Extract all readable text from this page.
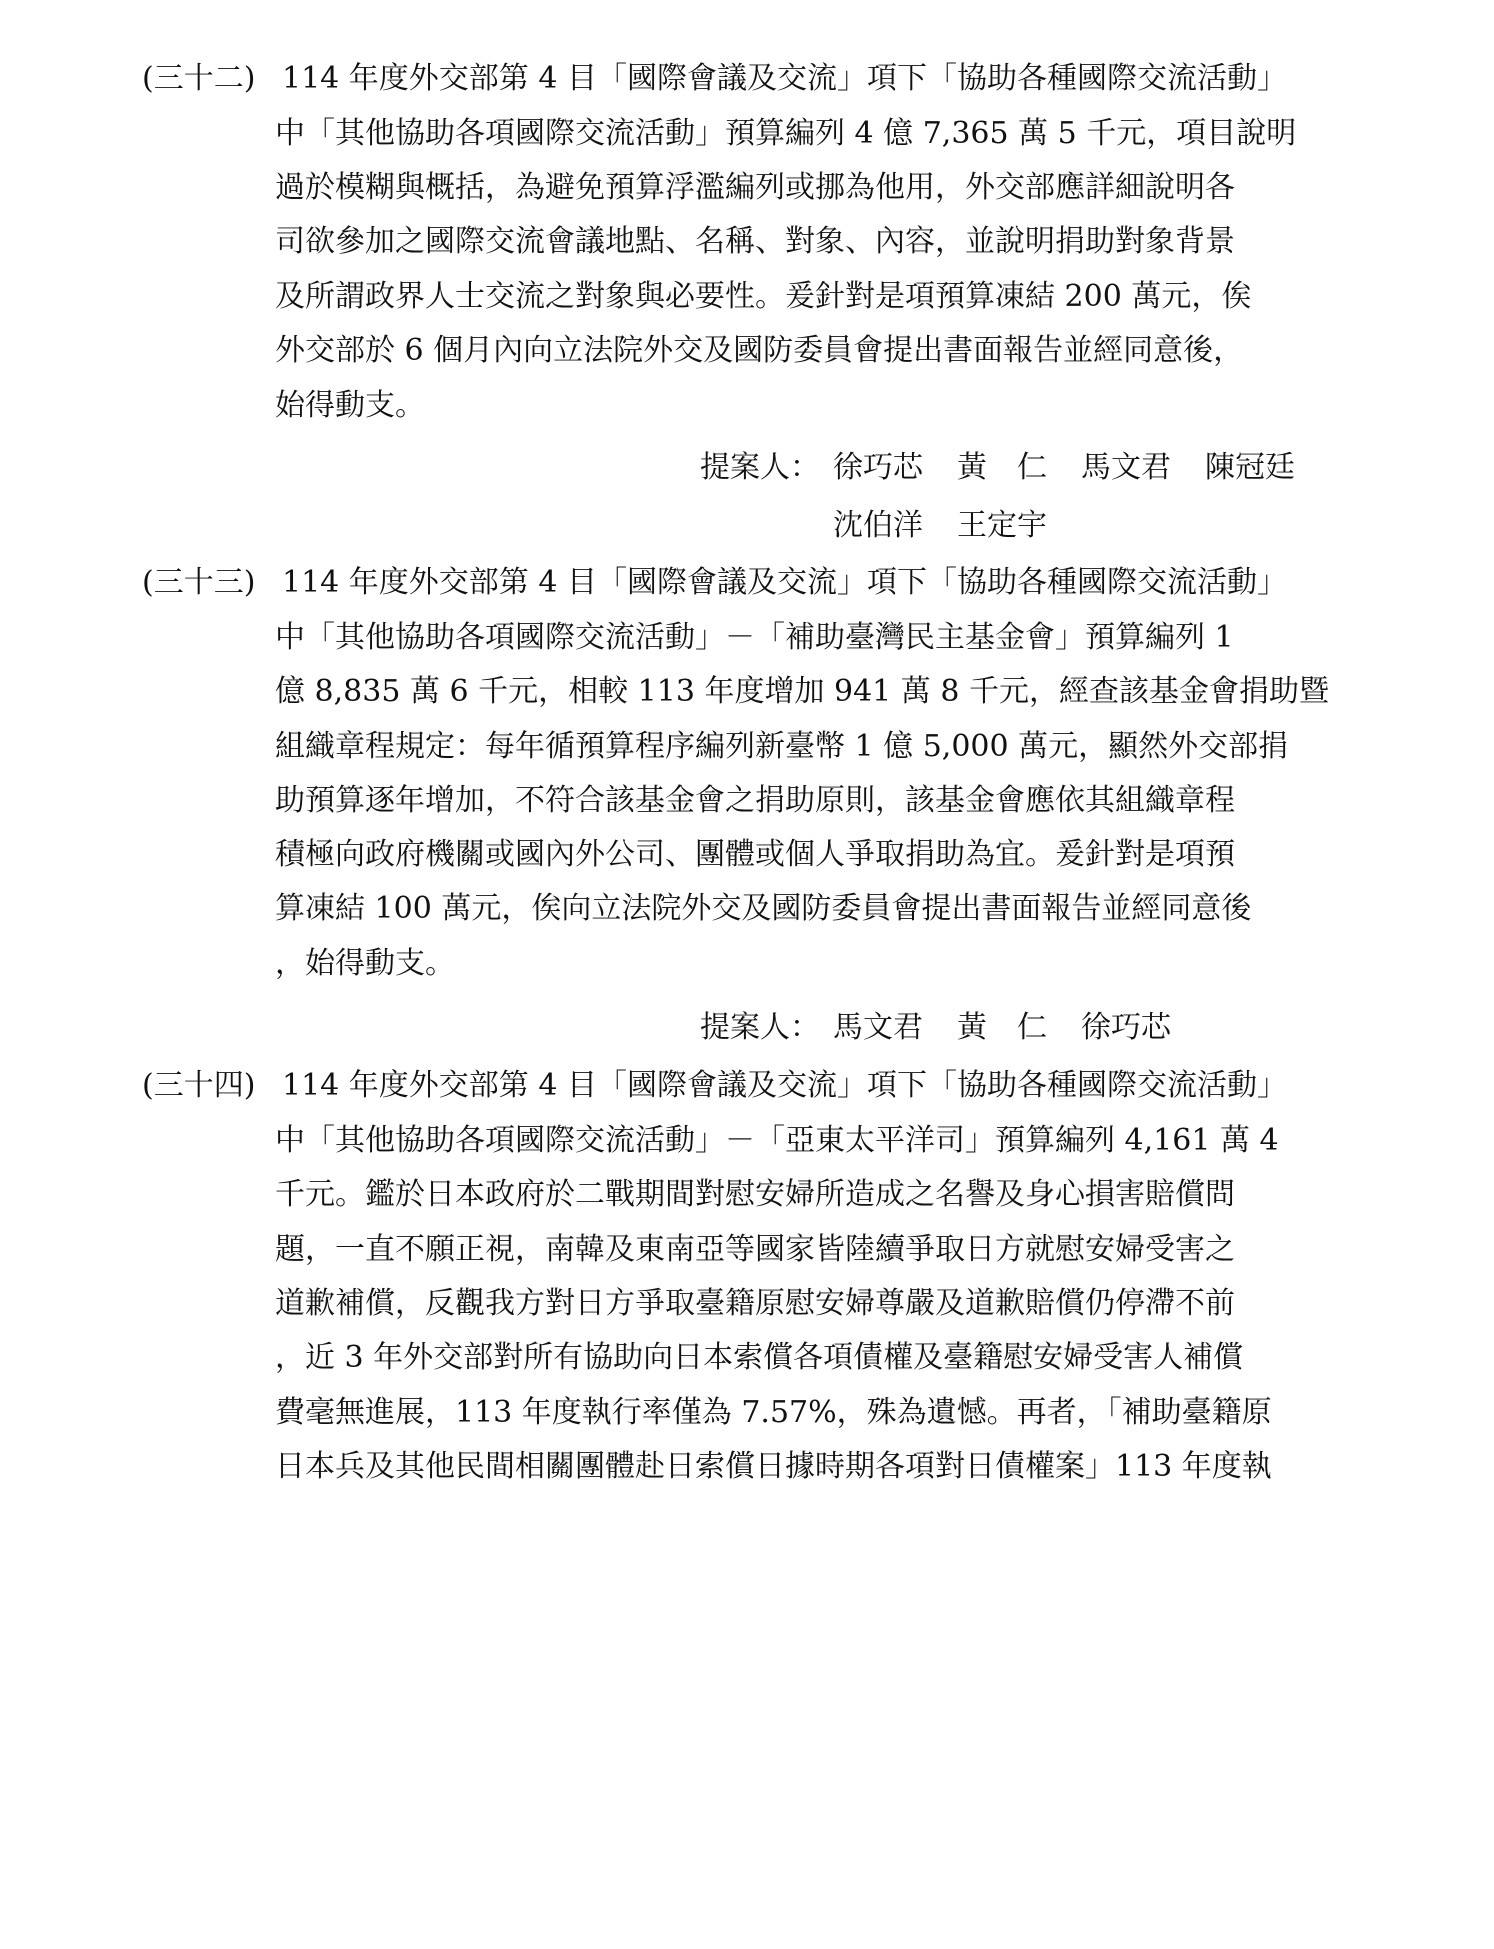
(三十二) 114 年度外交部第 4 目「國際會議及交流」項下「協助各種國際交流活動」
中「其他協助各項國際交流活動」預算編列 4 億 7,365 萬 5 千元，項目說明
過於模糊與概括，為避免預算浮濫編列或挪為他用，外交部應詳細說明各
司欲參加之國際交流會議地點、名稱、對象、內容，並說明捐助對象背景
及所謂政界人士交流之對象與必要性。爰針對是項預算凍結 200 萬元，俟
外交部於 6 個月內向立法院外交及國防委員會提出書面報告並經同意後，
始得動支。
提案人： 徐巧芯 黃　仁 馬文君 陳冠廷
沈伯洋 王定宇
(三十三) 114 年度外交部第 4 目「國際會議及交流」項下「協助各種國際交流活動」
中「其他協助各項國際交流活動」－「補助臺灣民主基金會」預算編列 1
億 8,835 萬 6 千元，相較 113 年度增加 941 萬 8 千元，經查該基金會捐助暨
組織章程規定：每年循預算程序編列新臺幣 1 億 5,000 萬元，顯然外交部捐
助預算逐年增加，不符合該基金會之捐助原則，該基金會應依其組織章程
積極向政府機關或國內外公司、團體或個人爭取捐助為宜。爰針對是項預
算凍結 100 萬元，俟向立法院外交及國防委員會提出書面報告並經同意後
，始得動支。
提案人： 馬文君 黃　仁 徐巧芯
(三十四) 114 年度外交部第 4 目「國際會議及交流」項下「協助各種國際交流活動」
中「其他協助各項國際交流活動」－「亞東太平洋司」預算編列 4,161 萬 4
千元。鑑於日本政府於二戰期間對慰安婦所造成之名譽及身心損害賠償問
題，一直不願正視，南韓及東南亞等國家皆陸續爭取日方就慰安婦受害之
道歉補償，反觀我方對日方爭取臺籍原慰安婦尊嚴及道歉賠償仍停滯不前
，近 3 年外交部對所有協助向日本索償各項債權及臺籍慰安婦受害人補償
費毫無進展，113 年度執行率僅為 7.57%，殊為遺憾。再者，「補助臺籍原
日本兵及其他民間相關團體赴日索償日據時期各項對日債權案」113 年度執
